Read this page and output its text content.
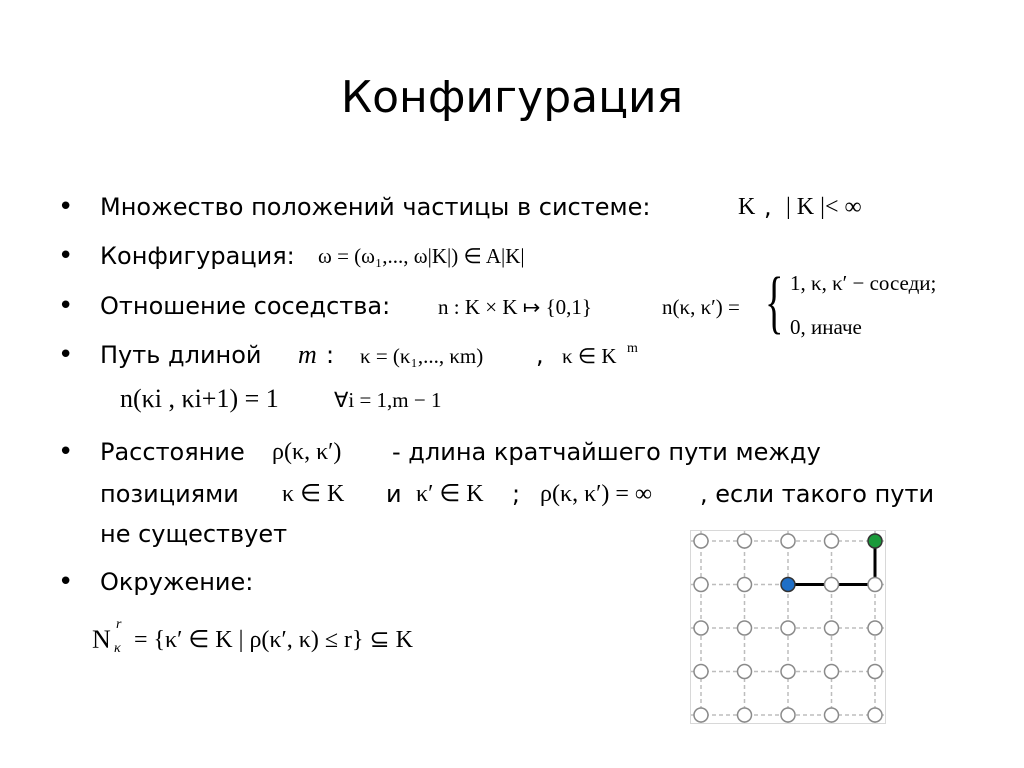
Конфигурация
• Множество положений частицы в системе:	Κ , | Κ |< ∞
• Конфигурация: ω = (ω₁,..., ω|Κ|) ∈ Α|Κ|
• Отношение соседства: n : Κ × Κ ↦ {0,1}	n(κ, κ′) = { 1, κ, κ′ − соседи;
0, иначе
• Путь длиной m : κ = (κ₁,..., κm) , κ ∈ Κ m
n(κi , κi+1) = 1	∀i = 1,m − 1
• Расстояние ρ(κ, κ′) - длина кратчайшего пути между
позициями κ ∈ Κ и κ′ ∈ Κ ; ρ(κ, κ′) = ∞ , если такого пути
не существует
• Окружение:
Ν
r
κ = {κ′ ∈ Κ | ρ(κ′, κ) ≤ r} ⊆ Κ
